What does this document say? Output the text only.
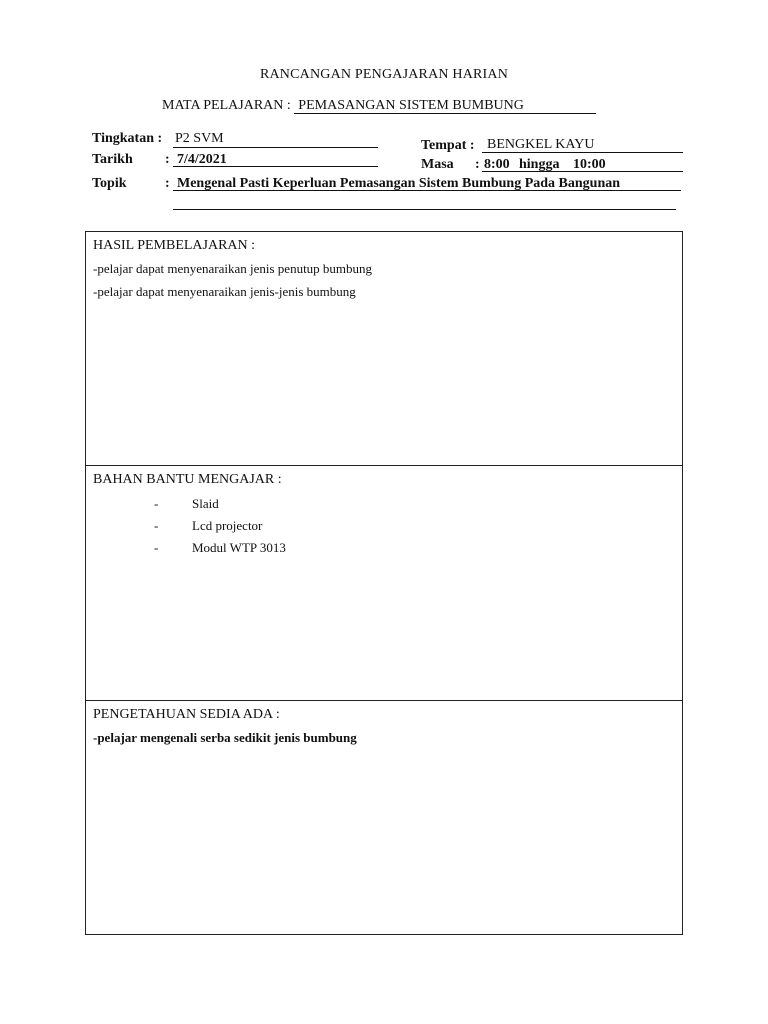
RANCANGAN PENGAJARAN HARIAN
MATA PELAJARAN : PEMASANGAN SISTEM BUMBUNG
Tingkatan : P2 SVM
Tarikh : 7/4/2021
Tempat : BENGKEL KAYU
Masa : 8:00 hingga 10:00
Topik	: Mengenal Pasti Keperluan Pemasangan Sistem Bumbung Pada Bangunan
HASIL PEMBELAJARAN :
-pelajar dapat menyenaraikan jenis penutup bumbung
-pelajar dapat menyenaraikan jenis-jenis bumbung
BAHAN BANTU MENGAJAR :
-	Slaid
-	Lcd projector
-	Modul WTP 3013
PENGETAHUAN SEDIA ADA :
-pelajar mengenali serba sedikit jenis bumbung
